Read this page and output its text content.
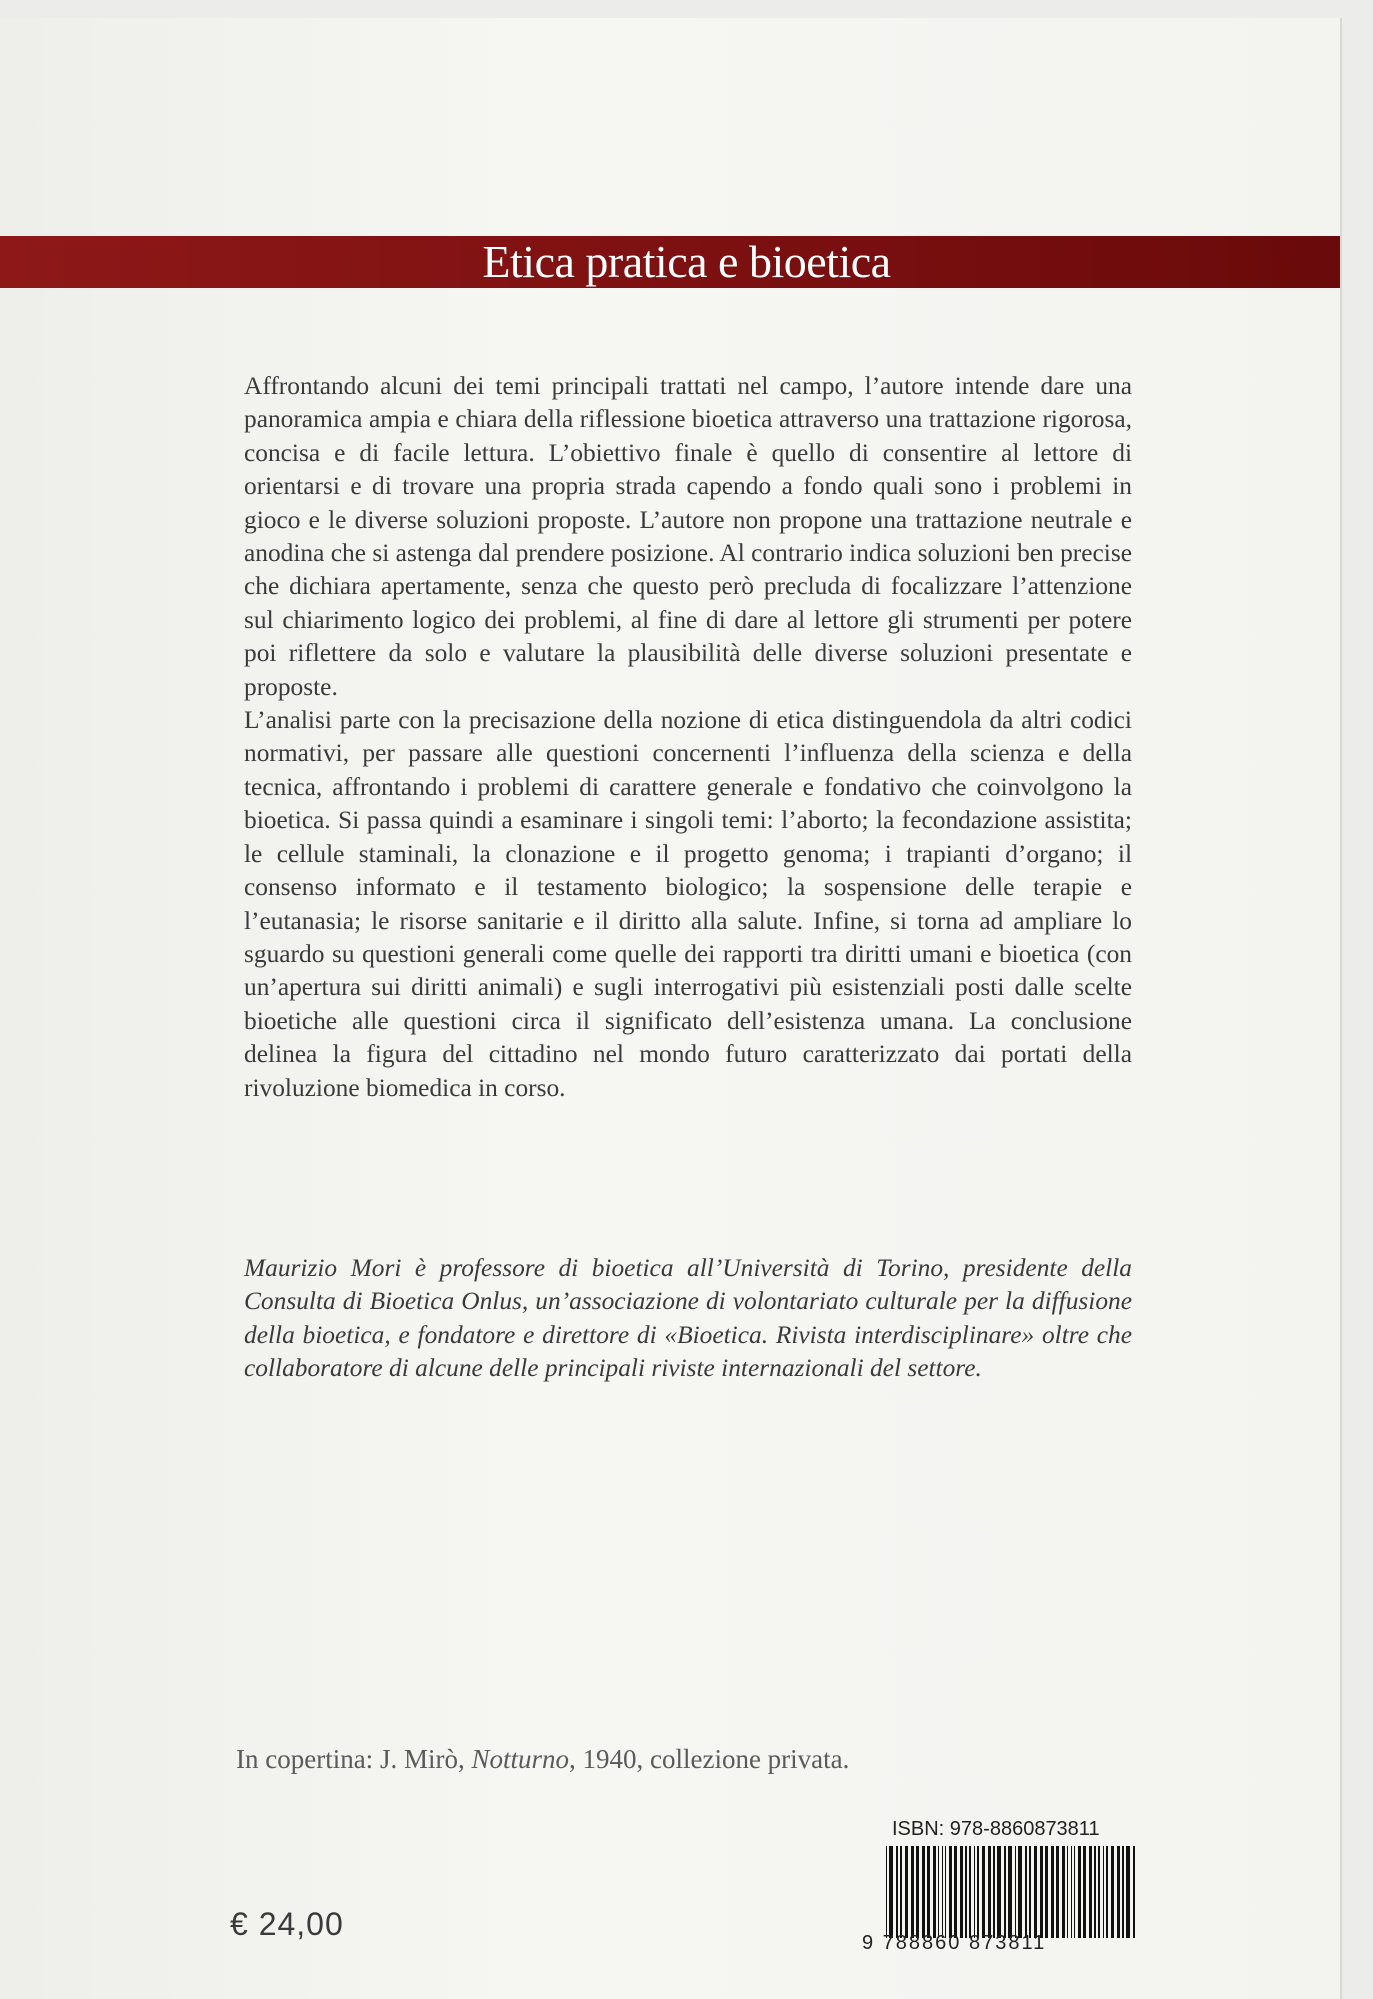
Etica pratica e bioetica

Affrontando alcuni dei temi principali trattati nel campo, l’autore intende dare una panoramica ampia e chiara della riflessione bioetica attraverso una trattazione rigorosa, concisa e di facile lettura. L’obiettivo finale è quello di consentire al lettore di orientarsi e di trovare una propria strada capendo a fondo quali sono i problemi in gioco e le diverse soluzioni proposte. L’autore non propone una trattazione neutrale e anodina che si astenga dal prendere posizione. Al contrario indica soluzioni ben precise che dichiara apertamente, senza che questo però precluda di focalizzare l’attenzione sul chiarimento logico dei problemi, al fine di dare al lettore gli strumenti per potere poi riflettere da solo e valutare la plausibilità delle diverse soluzioni presentate e proposte.

L’analisi parte con la precisazione della nozione di etica distinguendola da altri codici normativi, per passare alle questioni concernenti l’influenza della scienza e della tecnica, affrontando i problemi di carattere generale e fondativo che coinvolgono la bioetica. Si passa quindi a esaminare i singoli temi: l’aborto; la fecondazione assistita; le cellule staminali, la clonazione e il progetto genoma; i trapianti d’organo; il consenso informato e il testamento biologico; la sospensione delle terapie e l’eutanasia; le risorse sanitarie e il diritto alla salute. Infine, si torna ad ampliare lo sguardo su questioni generali come quelle dei rapporti tra diritti umani e bioetica (con un’apertura sui diritti animali) e sugli interrogativi più esistenziali posti dalle scelte bioetiche alle questioni circa il significato dell’esistenza umana. La conclusione delinea la figura del cittadino nel mondo futuro caratterizzato dai portati della rivoluzione biomedica in corso.

Maurizio Mori è professore di bioetica all’Università di Torino, presidente della Consulta di Bioetica Onlus, un’associazione di volontariato culturale per la diffusione della bioetica, e fondatore e direttore di «Bioetica. Rivista interdisciplinare» oltre che collaboratore di alcune delle principali riviste internazionali del settore.
In copertina: J. Mirò, Notturno, 1940, collezione privata.
€ 24,00
ISBN: 978-8860873811
9 788860 873811
